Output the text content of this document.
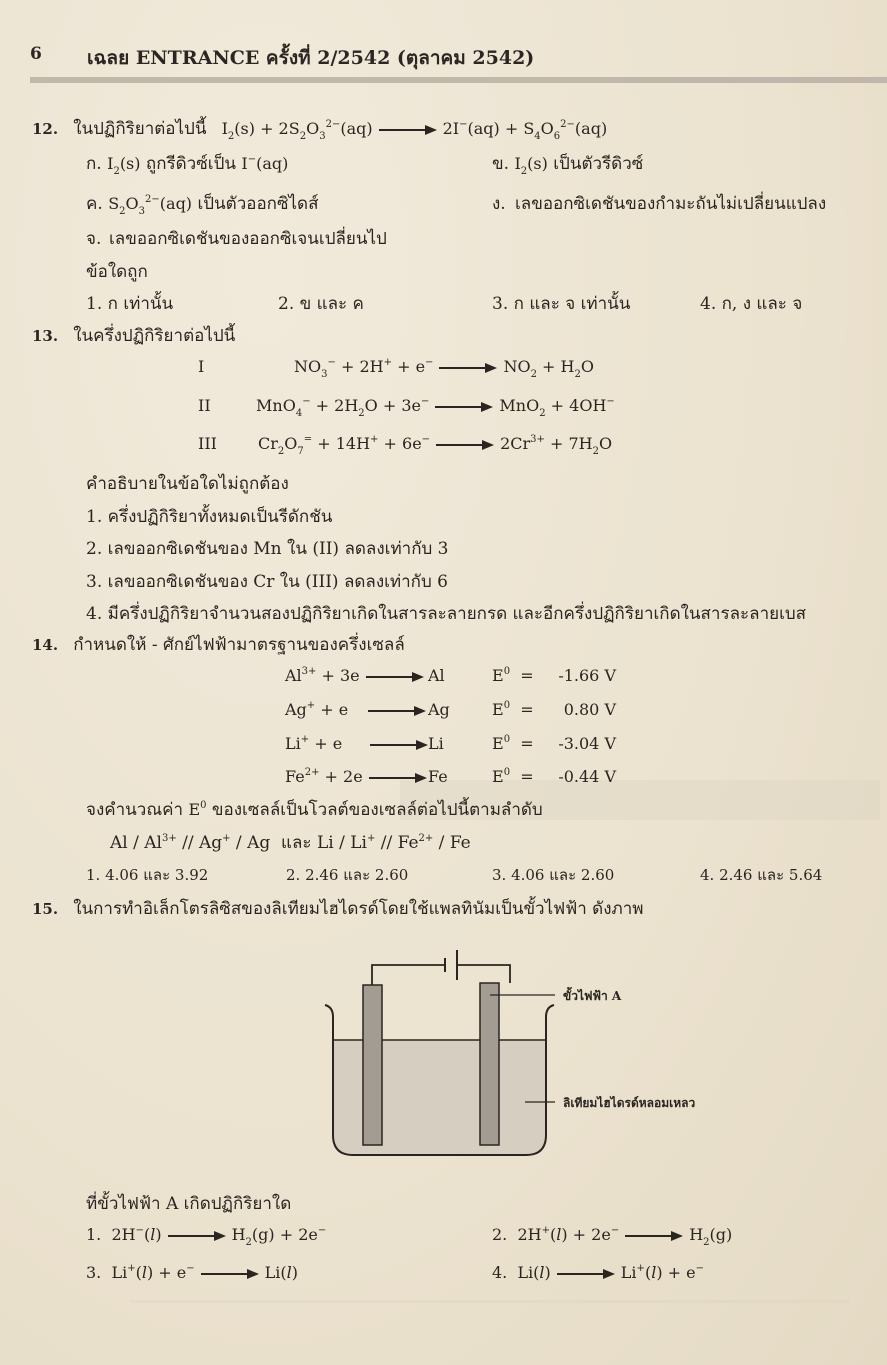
6 เฉลย ENTRANCE ครั้งที่ 2/2542 (ตุลาคม 2542)
12. ในปฏิกิริยาต่อไปนี้ $I_2(s) + 2S_2O_3^{2-}(aq)$	$2I^-(aq) + S_4O_6^{2-}(aq)$
ก. $I_2(s)$ ถูกรีดิวซ์เป็น I−(aq)	ข. $I_2(s)$ เป็นตัวรีดิวซ์
ค. $S_2O_3^{2-}(aq)$ เป็นตัวออกซิไดส์	ง. เลขออกซิเดชันของกำมะถันไม่เปลี่ยนแปลง
จ. เลขออกซิเดชันของออกซิเจนเปลี่ยนไป
ข้อใดถูก
1. ก เท่านั้น	2. ข และ ค	3. ก และ จ เท่านั้น	4. ก, ง และ จ
13. ในครึ่งปฏิกิริยาต่อไปนี้
I	$NO_3^- + 2H^+ + e^-$	$NO_2 + H_2O$
II	$MnO_4^- + 2H_2O + 3e^-$	MnO$_2$ + 4OH−
III	$Cr_2O_7^= + 14H^+ + 6e^-$	$2Cr^{3+} + 7H_2O$
คำอธิบายในข้อใดไม่ถูกต้อง
1. ครึ่งปฏิกิริยาทั้งหมดเป็นรีดักชัน
2. เลขออกซิเดชันของ Mn ใน (II) ลดลงเท่ากับ 3
3. เลขออกซิเดชันของ Cr ใน (III) ลดลงเท่ากับ 6
4. มีครึ่งปฏิกิริยาจำนวนสองปฏิกิริยาเกิดในสารละลายกรด และอีกครึ่งปฏิกิริยาเกิดในสารละลายเบส
14. กำหนดให้ - ศักย์ไฟฟ้ามาตรฐานของครึ่งเซลล์
$Al^{3+} + 3e$	Al	$E^0$  =	-1.66 V
Ag+ + e	Ag	$E^0$  =	0.80 V
Li+ + e	Li	$E^0$  =	-3.04 V
$Fe^{2+} + 2e$	Fe	$E^0$  =	-0.44 V
จงคำนวณค่า $E^0$ ของเซลล์เป็นโวลต์ของเซลล์ต่อไปนี้ตามลำดับ
Al / $Al^{3+} // Ag^+$ / Ag  และ Li / $Li^+ // Fe^{2+}$ / Fe
1. 4.06 และ 3.92	2. 2.46 และ 2.60	3. 4.06 และ 2.60	4. 2.46 และ 5.64
15. ในการทำอิเล็กโตรลิซิสของลิเทียมไฮไดรด์โดยใช้แพลทินัมเป็นขั้วไฟฟ้า ดังภาพ
ขั้วไฟฟ้า A
ลิเทียมไฮไดรด์หลอมเหลว
ที่ขั้วไฟฟ้า A เกิดปฏิกิริยาใด
1.  2H−(l)	$H_2(g) + 2e^-$	2.  2H+(l) + 2e−	$H_2(g)$
3.  Li+(l) + e−	Li(l)	4.  Li(l)	Li+(l) + e−
